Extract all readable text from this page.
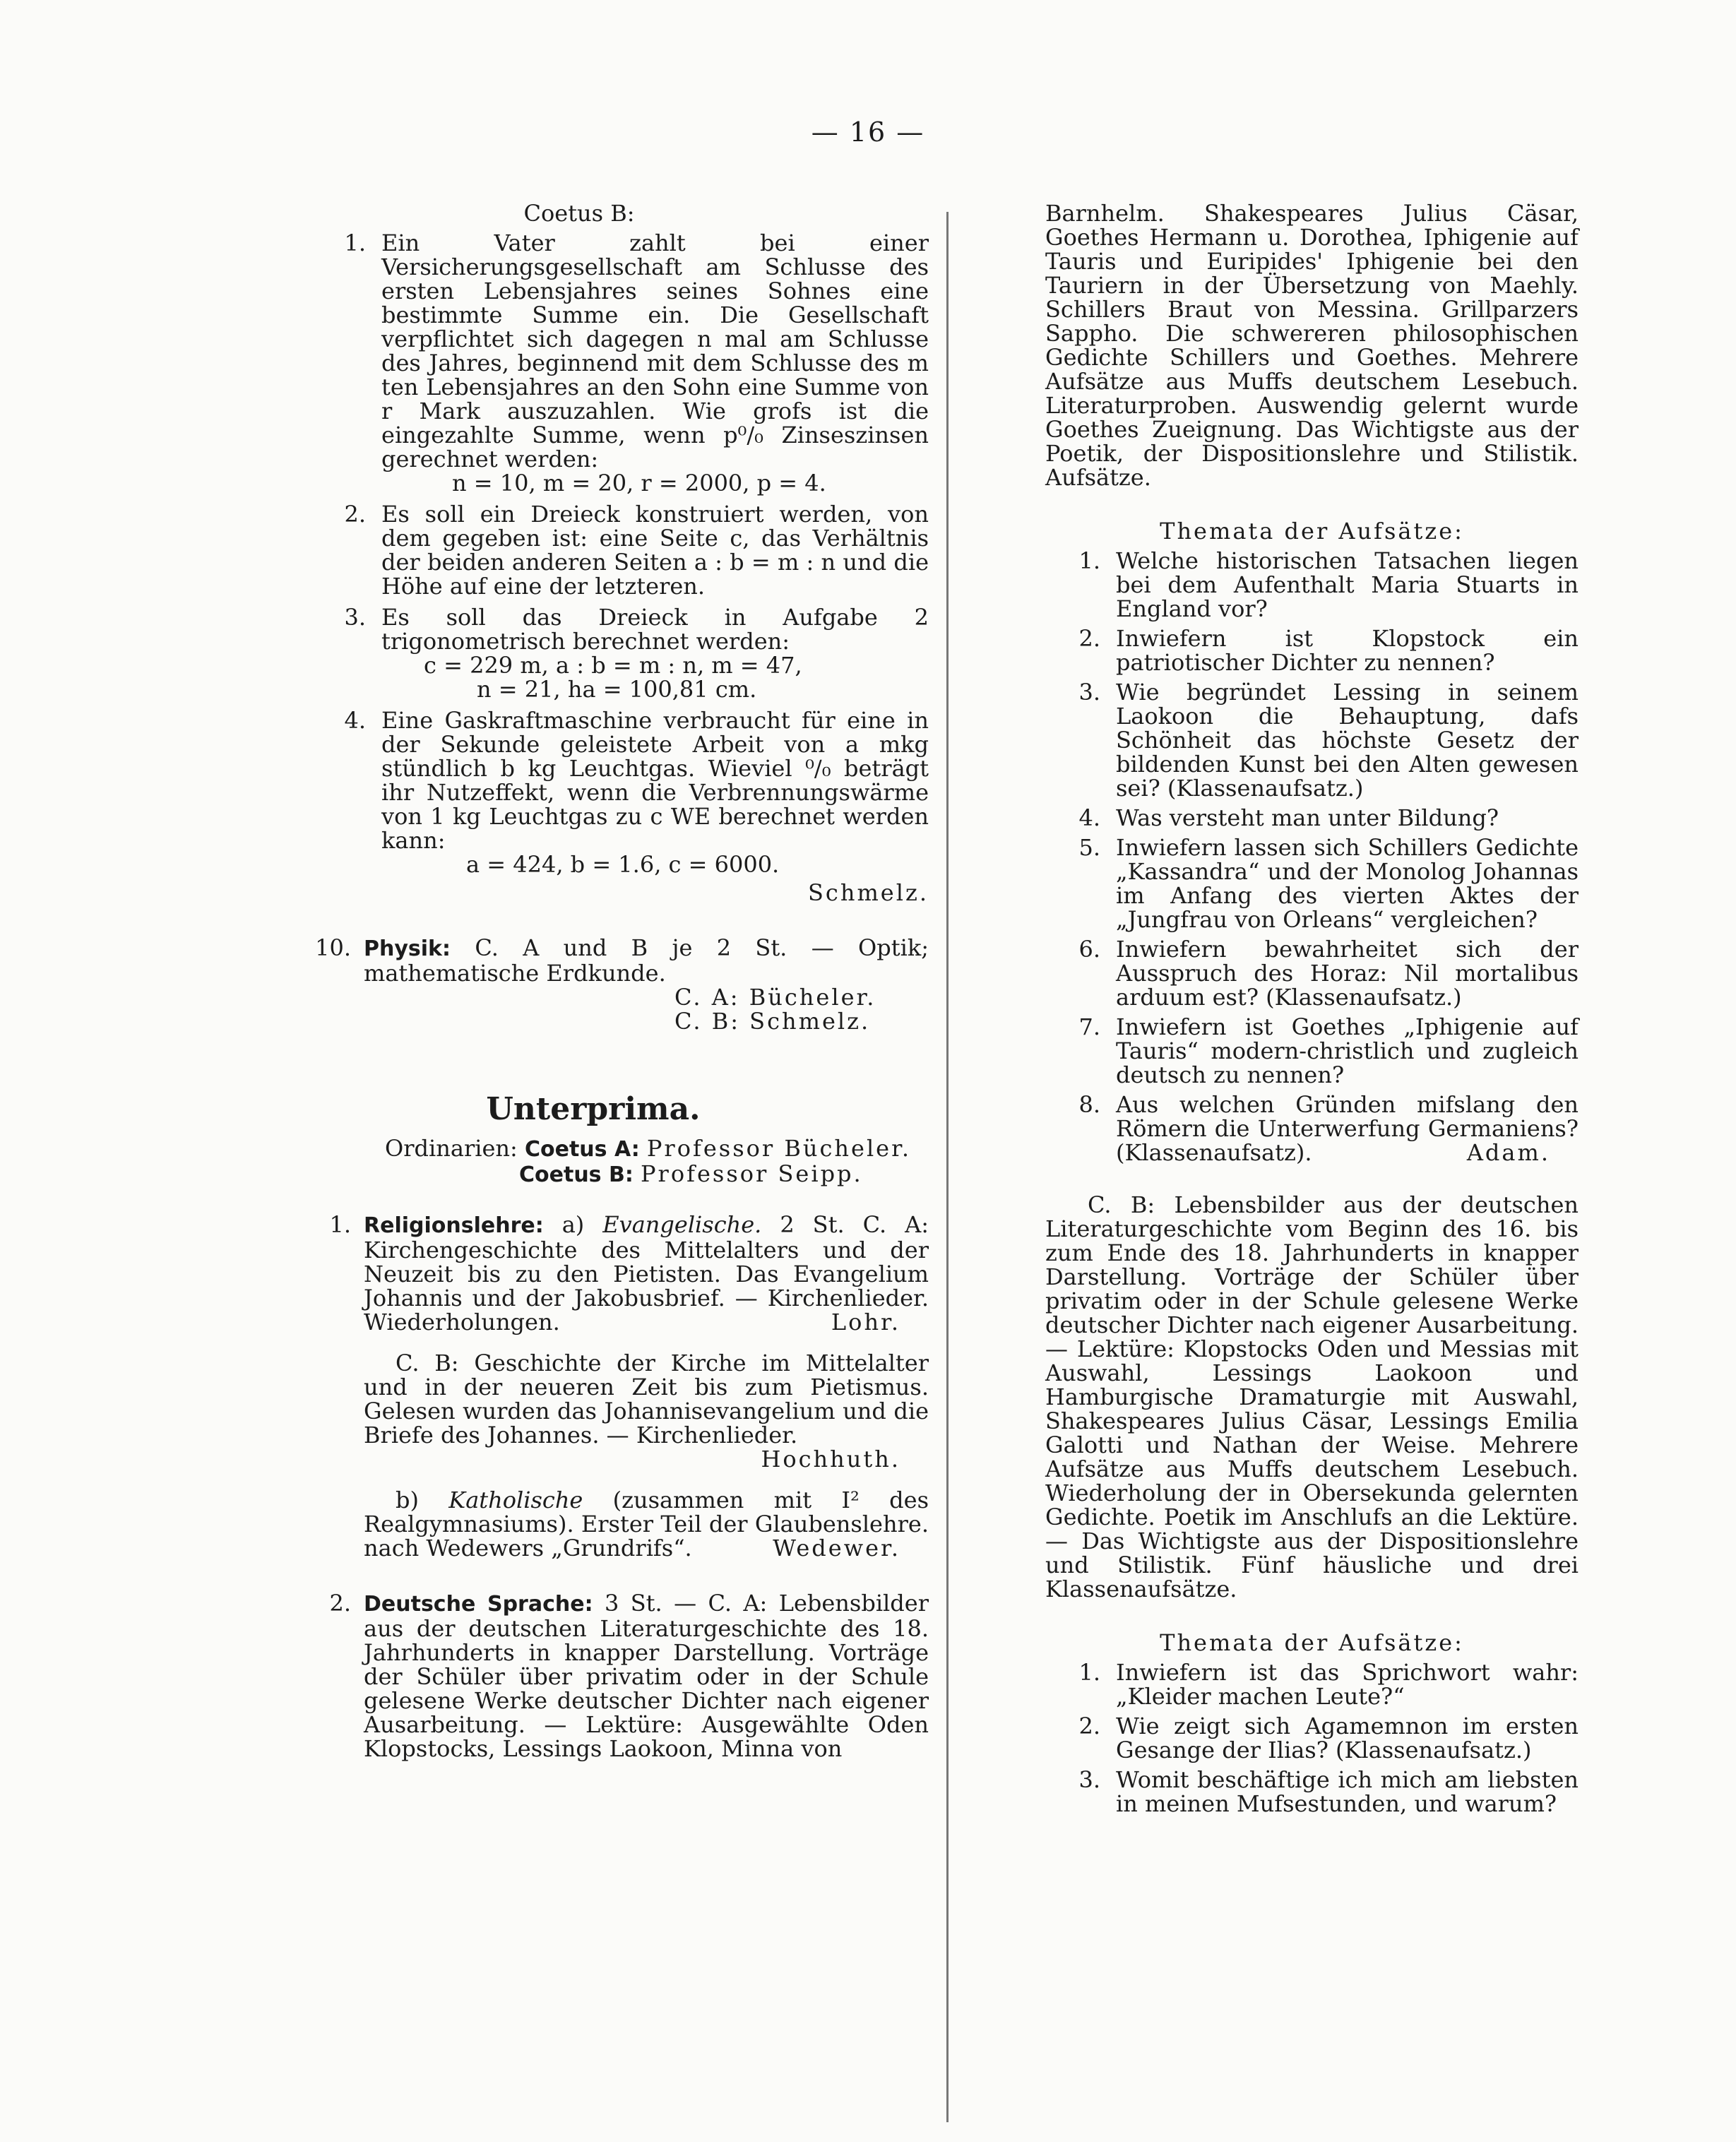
— 16 —
Coetus B:
1. Ein Vater zahlt bei einer Versicherungsgesellschaft am Schlusse des ersten Lebensjahres seines Sohnes eine bestimmte Summe ein. Die Gesellschaft verpflichtet sich dagegen n mal am Schlusse des Jahres, beginnend mit dem Schlusse des m ten Lebensjahres an den Sohn eine Summe von r Mark auszuzahlen. Wie grofs ist die eingezahlte Summe, wenn p⁰/₀ Zinseszinsen gerechnet werden:
n = 10, m = 20, r = 2000, p = 4.
2. Es soll ein Dreieck konstruiert werden, von dem gegeben ist: eine Seite c, das Verhältnis der beiden anderen Seiten a : b = m : n und die Höhe auf eine der letzteren.
3. Es soll das Dreieck in Aufgabe 2 trigonometrisch berechnet werden:
c = 229 m, a : b = m : n, m = 47,
n = 21, ha = 100,81 cm.
4. Eine Gaskraftmaschine verbraucht für eine in der Sekunde geleistete Arbeit von a mkg stündlich b kg Leuchtgas. Wieviel ⁰/₀ beträgt ihr Nutzeffekt, wenn die Verbrennungswärme von 1 kg Leuchtgas zu c WE berechnet werden kann:
a = 424, b = 1.6, c = 6000.
Schmelz.
10. Physik: C. A und B je 2 St. — Optik; mathematische Erdkunde.
C. A: Bücheler.
C. B: Schmelz.
Unterprima.
Ordinarien: Coetus A: Professor Bücheler.
Coetus B: Professor Seipp.
1. Religionslehre: a) Evangelische. 2 St. C. A: Kirchengeschichte des Mittelalters und der Neuzeit bis zu den Pietisten. Das Evangelium Johannis und der Jakobusbrief. — Kirchenlieder. Wiederholungen.	Lohr.
C. B: Geschichte der Kirche im Mittelalter und in der neueren Zeit bis zum Pietismus. Gelesen wurden das Johannisevangelium und die Briefe des Johannes. — Kirchenlieder.
Hochhuth.
b) Katholische (zusammen mit I² des Realgymnasiums). Erster Teil der Glaubenslehre. nach Wedewers „Grundrifs“.	Wedewer.
2. Deutsche Sprache: 3 St. — C. A: Lebensbilder aus der deutschen Literaturgeschichte des 18. Jahrhunderts in knapper Darstellung. Vorträge der Schüler über privatim oder in der Schule gelesene Werke deutscher Dichter nach eigener Ausarbeitung. — Lektüre: Ausgewählte Oden Klopstocks, Lessings Laokoon, Minna von
Barnhelm. Shakespeares Julius Cäsar, Goethes Hermann u. Dorothea, Iphigenie auf Tauris und Euripides' Iphigenie bei den Tauriern in der Übersetzung von Maehly. Schillers Braut von Messina. Grillparzers Sappho. Die schwereren philosophischen Gedichte Schillers und Goethes. Mehrere Aufsätze aus Muffs deutschem Lesebuch. Literaturproben. Auswendig gelernt wurde Goethes Zueignung. Das Wichtigste aus der Poetik, der Dispositionslehre und Stilistik. Aufsätze.
Themata der Aufsätze:
1. Welche historischen Tatsachen liegen bei dem Aufenthalt Maria Stuarts in England vor?
2. Inwiefern ist Klopstock ein patriotischer Dichter zu nennen?
3. Wie begründet Lessing in seinem Laokoon die Behauptung, dafs Schönheit das höchste Gesetz der bildenden Kunst bei den Alten gewesen sei? (Klassenaufsatz.)
4. Was versteht man unter Bildung?
5. Inwiefern lassen sich Schillers Gedichte „Kassandra“ und der Monolog Johannas im Anfang des vierten Aktes der „Jungfrau von Orleans“ vergleichen?
6. Inwiefern bewahrheitet sich der Ausspruch des Horaz: Nil mortalibus arduum est? (Klassenaufsatz.)
7. Inwiefern ist Goethes „Iphigenie auf Tauris“ modern-christlich und zugleich deutsch zu nennen?
8. Aus welchen Gründen mifslang den Römern die Unterwerfung Germaniens? (Klassenaufsatz).	Adam.
C. B: Lebensbilder aus der deutschen Literaturgeschichte vom Beginn des 16. bis zum Ende des 18. Jahrhunderts in knapper Darstellung. Vorträge der Schüler über privatim oder in der Schule gelesene Werke deutscher Dichter nach eigener Ausarbeitung. — Lektüre: Klopstocks Oden und Messias mit Auswahl, Lessings Laokoon und Hamburgische Dramaturgie mit Auswahl, Shakespeares Julius Cäsar, Lessings Emilia Galotti und Nathan der Weise. Mehrere Aufsätze aus Muffs deutschem Lesebuch. Wiederholung der in Obersekunda gelernten Gedichte. Poetik im Anschlufs an die Lektüre. — Das Wichtigste aus der Dispositionslehre und Stilistik. Fünf häusliche und drei Klassenaufsätze.
Themata der Aufsätze:
1. Inwiefern ist das Sprichwort wahr: „Kleider machen Leute?“
2. Wie zeigt sich Agamemnon im ersten Gesange der Ilias? (Klassenaufsatz.)
3. Womit beschäftige ich mich am liebsten in meinen Mufsestunden, und warum?
